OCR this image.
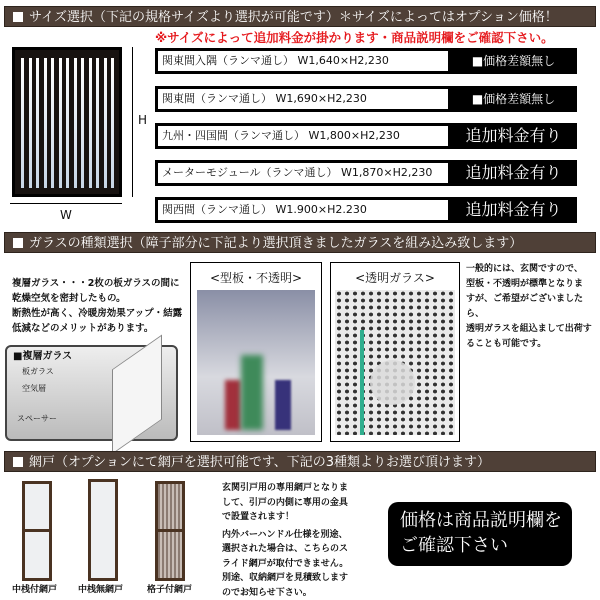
サイズ選択（下記の規格サイズより選択が可能です）＊サイズによってはオプション価格！
※サイズによって追加料金が掛かります・商品説明欄をご確認下さい。
H
W
関東間入隅（ランマ通し） W1,640×H2,230	■価格差額無し
関東間（ランマ通し） W1,690×H2,230	■価格差額無し
九州・四国間（ランマ通し） W1,800×H2,230	追加料金有り
メーターモジュール（ランマ通し） W1,870×H2,230	追加料金有り
関西間（ランマ通し） W1.900×H2.230	追加料金有り
ガラスの種類選択（障子部分に下記より選択頂きましたガラスを組み込み致します）
複層ガラス・・・2枚の板ガラスの間に
乾燥空気を密封したもの。
断熱性が高く、冷暖房効果アップ・結露
低減などのメリットがあります。
■複層ガラス
板ガラス
空気層
スペーサー
<型板・不透明>	<透明ガラス>
一般的には、玄関ですので、
型板・不透明が標準となりま
すが、ご希望がございましたら、
透明ガラスを組込まして出荷す
ることも可能です。
網戸（オプションにて網戸を選択可能です、下記の3種類よりお選び頂けます）
中桟付網戸 中桟無網戸	格子付網戸
玄関引戸用の専用網戸となりま
して、引戸の内側に専用の金具
で設置されます！
内外バーハンドル仕様を別途、
選択された場合は、こちらのス
ライド網戸が取付できません。
別途、収納網戸を見積致します
のでお知らせ下さい。
価格は商品説明欄を
ご確認下さい
